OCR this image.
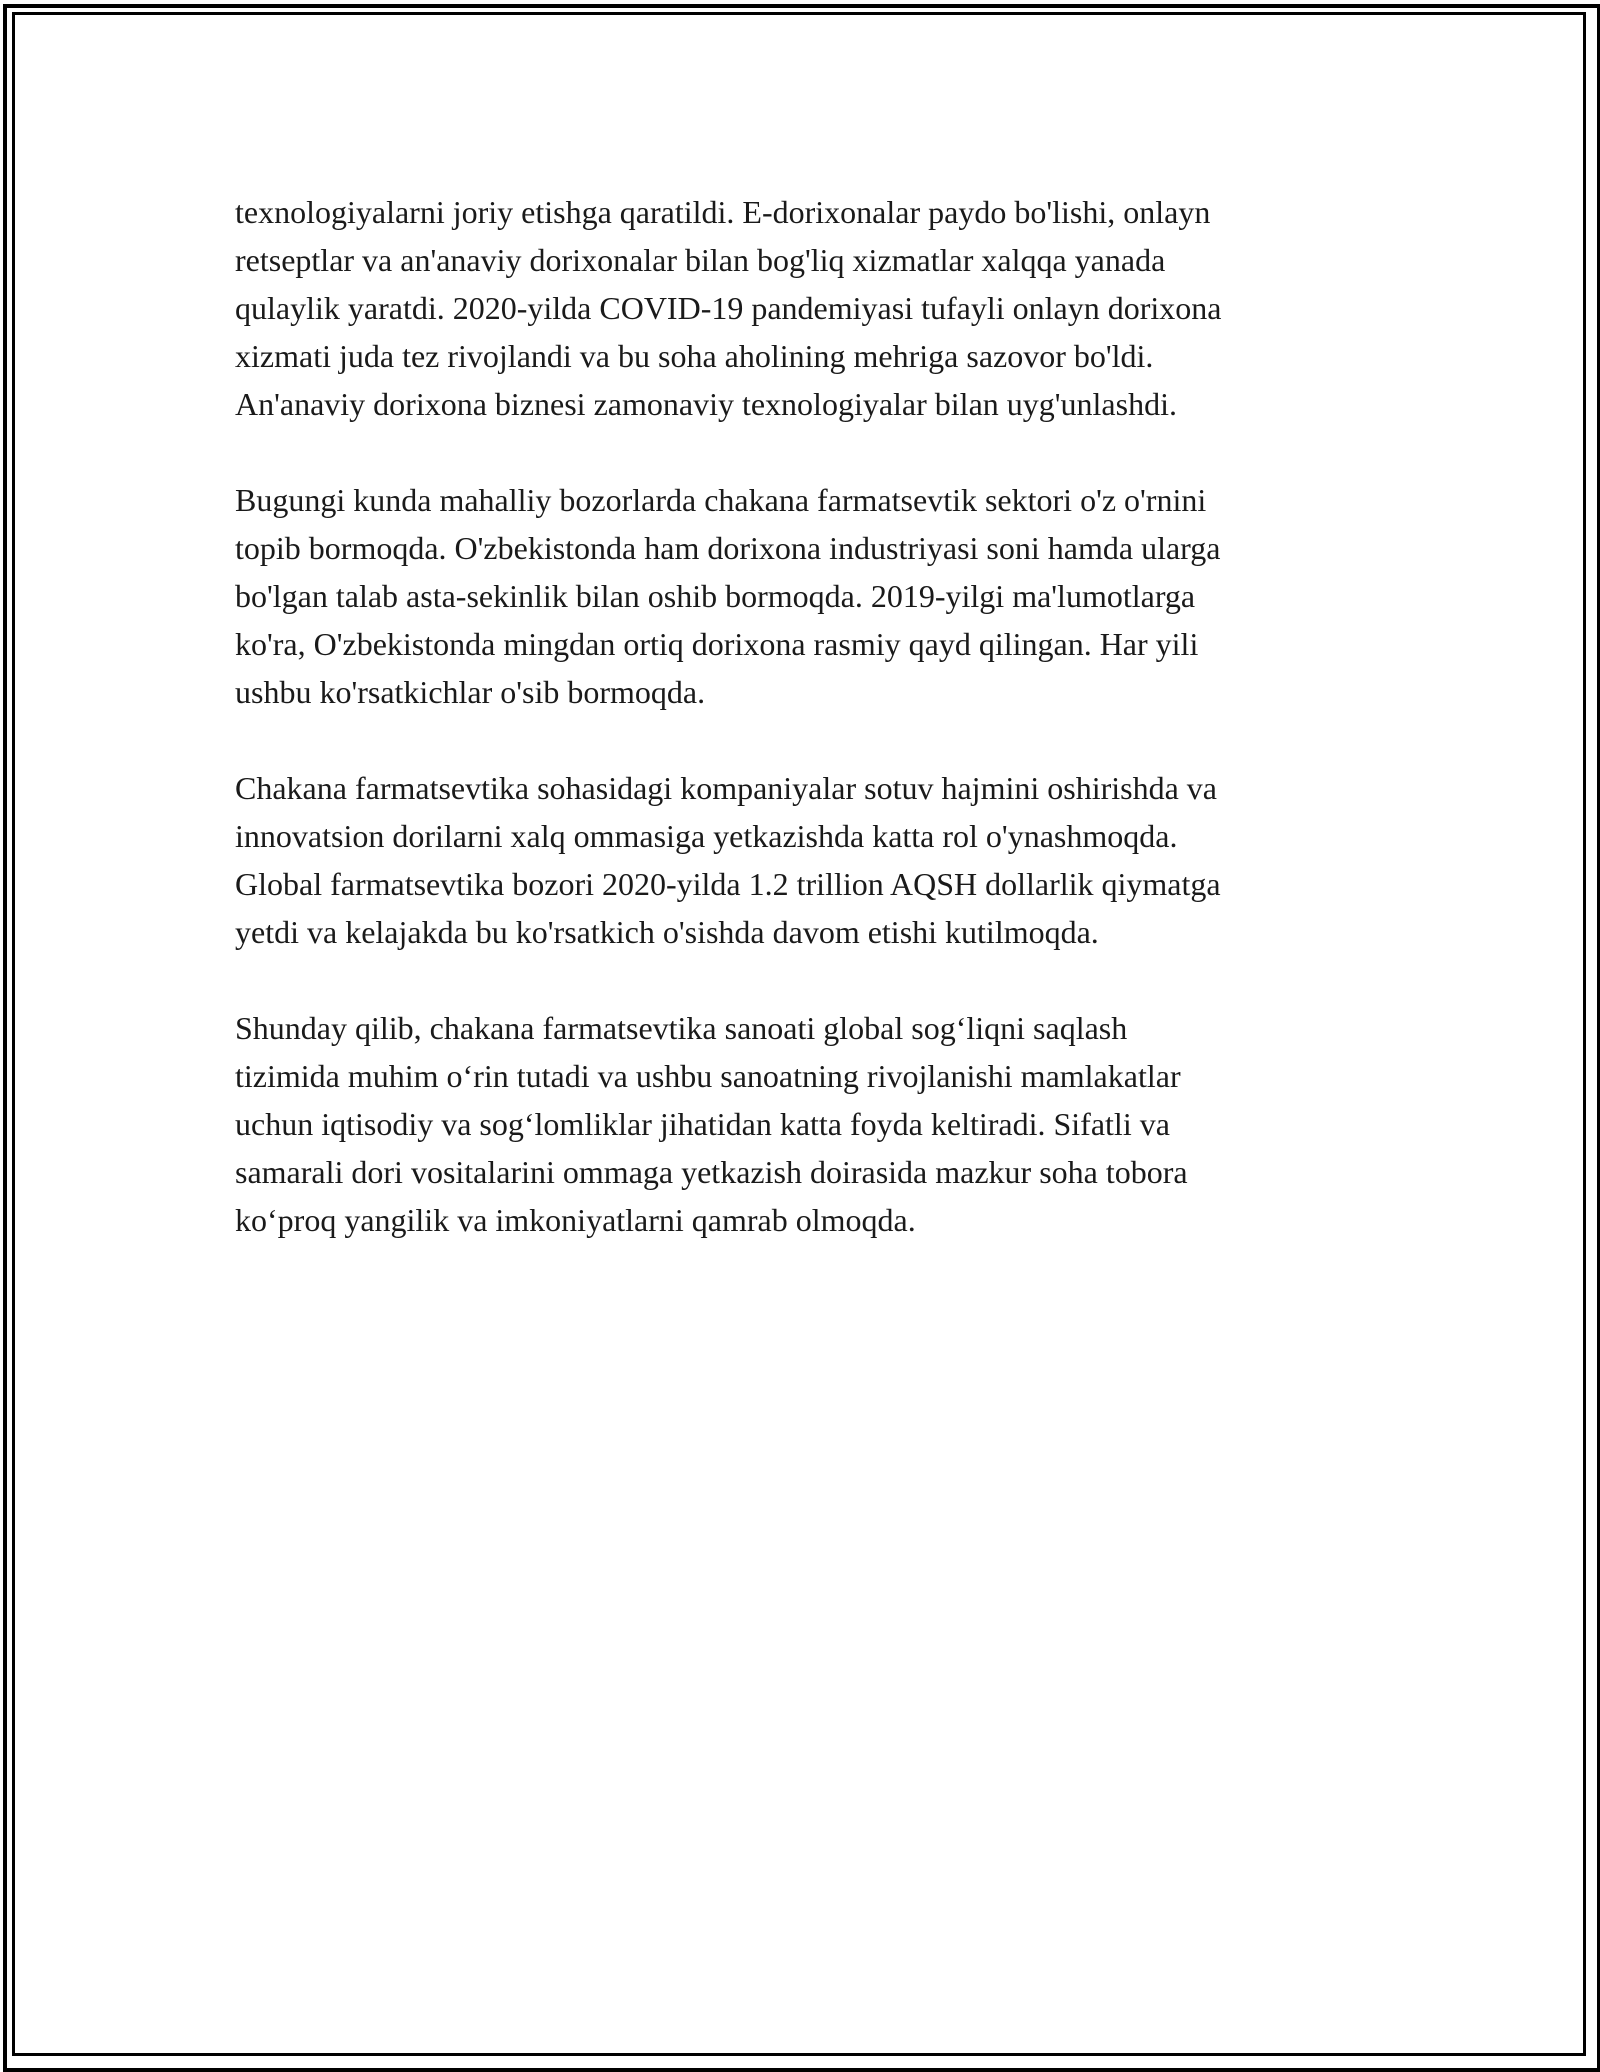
texnologiyalarni joriy etishga qaratildi. E-dorixonalar paydo bo'lishi, onlayn
retseptlar va an'anaviy dorixonalar bilan bog'liq xizmatlar xalqqa yanada
qulaylik yaratdi. 2020-yilda COVID-19 pandemiyasi tufayli onlayn dorixona
xizmati juda tez rivojlandi va bu soha aholining mehriga sazovor bo'ldi.
An'anaviy dorixona biznesi zamonaviy texnologiyalar bilan uyg'unlashdi.

Bugungi kunda mahalliy bozorlarda chakana farmatsevtik sektori o'z o'rnini
topib bormoqda. O'zbekistonda ham dorixona industriyasi soni hamda ularga
bo'lgan talab asta-sekinlik bilan oshib bormoqda. 2019-yilgi ma'lumotlarga
ko'ra, O'zbekistonda mingdan ortiq dorixona rasmiy qayd qilingan. Har yili
ushbu ko'rsatkichlar o'sib bormoqda.

Chakana farmatsevtika sohasidagi kompaniyalar sotuv hajmini oshirishda va
innovatsion dorilarni xalq ommasiga yetkazishda katta rol o'ynashmoqda.
Global farmatsevtika bozori 2020-yilda 1.2 trillion AQSH dollarlik qiymatga
yetdi va kelajakda bu ko'rsatkich o'sishda davom etishi kutilmoqda.

Shunday qilib, chakana farmatsevtika sanoati global sog‘liqni saqlash
tizimida muhim o‘rin tutadi va ushbu sanoatning rivojlanishi mamlakatlar
uchun iqtisodiy va sog‘lomliklar jihatidan katta foyda keltiradi. Sifatli va
samarali dori vositalarini ommaga yetkazish doirasida mazkur soha tobora
ko‘proq yangilik va imkoniyatlarni qamrab olmoqda.
